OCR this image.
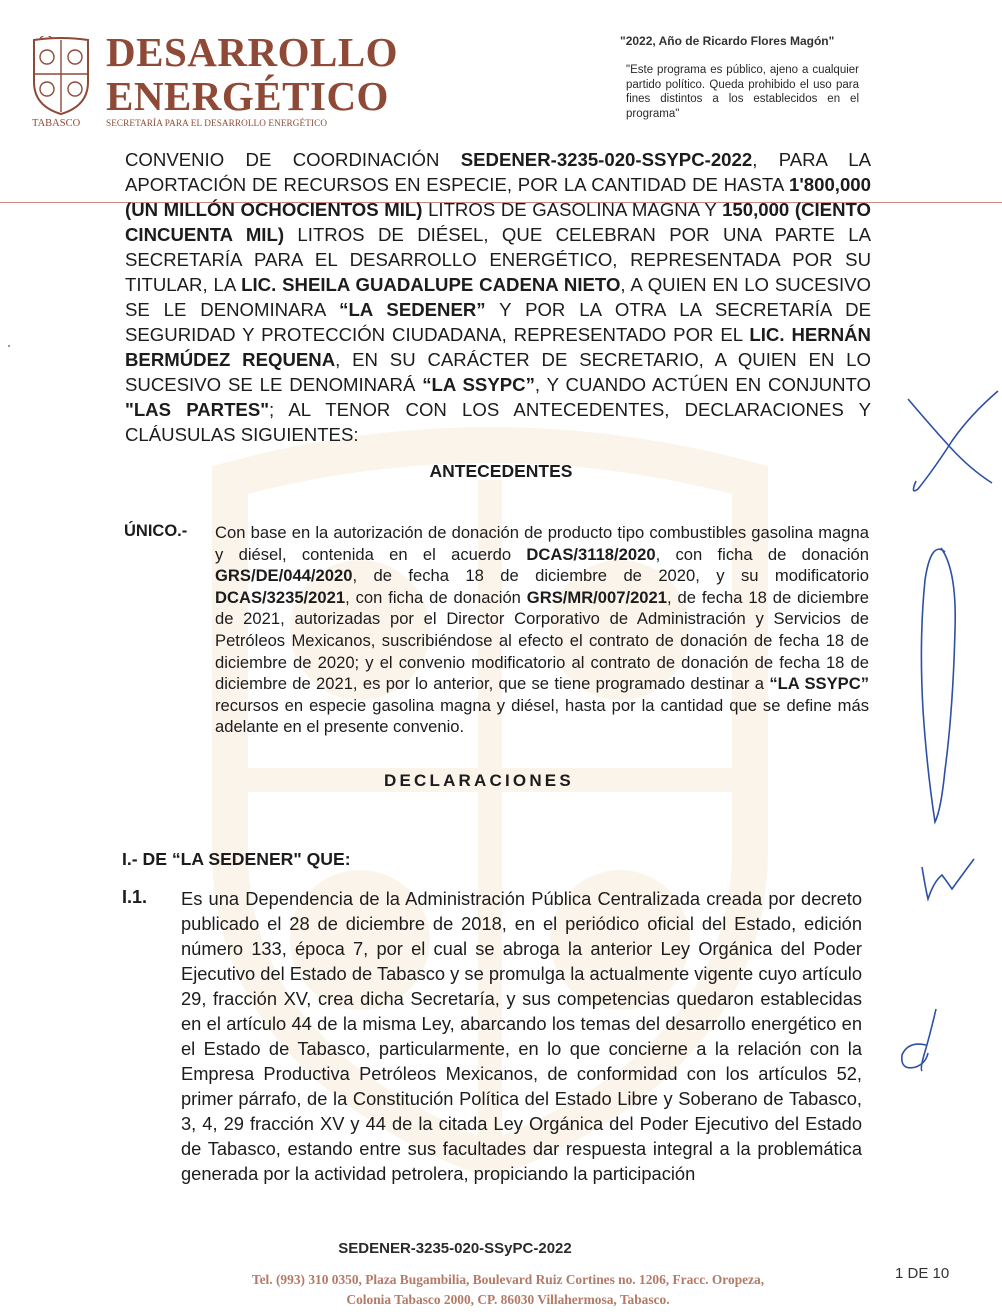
DESARROLLO
ENERGÉTICO
TABASCO	SECRETARÍA PARA EL DESARROLLO ENERGÉTICO
"2022, Año de Ricardo Flores Magón"
"Este programa es público, ajeno a cualquier partido político. Queda prohibido el uso para fines distintos a los establecidos en el programa"
CONVENIO DE COORDINACIÓN SEDENER-3235-020-SSYPC-2022, PARA LA APORTACIÓN DE RECURSOS EN ESPECIE, POR LA CANTIDAD DE HASTA 1'800,000 (UN MILLÓN OCHOCIENTOS MIL) LITROS DE GASOLINA MAGNA Y 150,000 (CIENTO CINCUENTA MIL) LITROS DE DIÉSEL, QUE CELEBRAN POR UNA PARTE LA SECRETARÍA PARA EL DESARROLLO ENERGÉTICO, REPRESENTADA POR SU TITULAR, LA LIC. SHEILA GUADALUPE CADENA NIETO, A QUIEN EN LO SUCESIVO SE LE DENOMINARA “LA SEDENER” Y POR LA OTRA LA SECRETARÍA DE SEGURIDAD Y PROTECCIÓN CIUDADANA, REPRESENTADO POR EL LIC. HERNÁN BERMÚDEZ REQUENA, EN SU CARÁCTER DE SECRETARIO, A QUIEN EN LO SUCESIVO SE LE DENOMINARÁ “LA SSYPC”, Y CUANDO ACTÚEN EN CONJUNTO "LAS PARTES"; AL TENOR CON LOS ANTECEDENTES, DECLARACIONES Y CLÁUSULAS SIGUIENTES:
ANTECEDENTES
ÚNICO.- Con base en la autorización de donación de producto tipo combustibles gasolina magna y diésel, contenida en el acuerdo DCAS/3118/2020, con ficha de donación GRS/DE/044/2020, de fecha 18 de diciembre de 2020, y su modificatorio DCAS/3235/2021, con ficha de donación GRS/MR/007/2021, de fecha 18 de diciembre de 2021, autorizadas por el Director Corporativo de Administración y Servicios de Petróleos Mexicanos, suscribiéndose al efecto el contrato de donación de fecha 18 de diciembre de 2020; y el convenio modificatorio al contrato de donación de fecha 18 de diciembre de 2021, es por lo anterior, que se tiene programado destinar a “LA SSYPC” recursos en especie gasolina magna y diésel, hasta por la cantidad que se define más adelante en el presente convenio.
DECLARACIONES
I.- DE “LA SEDENER" QUE:
I.1. Es una Dependencia de la Administración Pública Centralizada creada por decreto publicado el 28 de diciembre de 2018, en el periódico oficial del Estado, edición número 133, época 7, por el cual se abroga la anterior Ley Orgánica del Poder Ejecutivo del Estado de Tabasco y se promulga la actualmente vigente cuyo artículo 29, fracción XV, crea dicha Secretaría, y sus competencias quedaron establecidas en el artículo 44 de la misma Ley, abarcando los temas del desarrollo energético en el Estado de Tabasco, particularmente, en lo que concierne a la relación con la Empresa Productiva Petróleos Mexicanos, de conformidad con los artículos 52, primer párrafo, de la Constitución Política del Estado Libre y Soberano de Tabasco, 3, 4, 29 fracción XV y 44 de la citada Ley Orgánica del Poder Ejecutivo del Estado de Tabasco, estando entre sus facultades dar respuesta integral a la problemática generada por la actividad petrolera, propiciando la participación
SEDENER-3235-020-SSyPC-2022
1 DE 10
Tel. (993) 310 0350, Plaza Bugambilia, Boulevard Ruiz Cortines no. 1206, Fracc. Oropeza,
Colonia Tabasco 2000, CP. 86030 Villahermosa, Tabasco.
